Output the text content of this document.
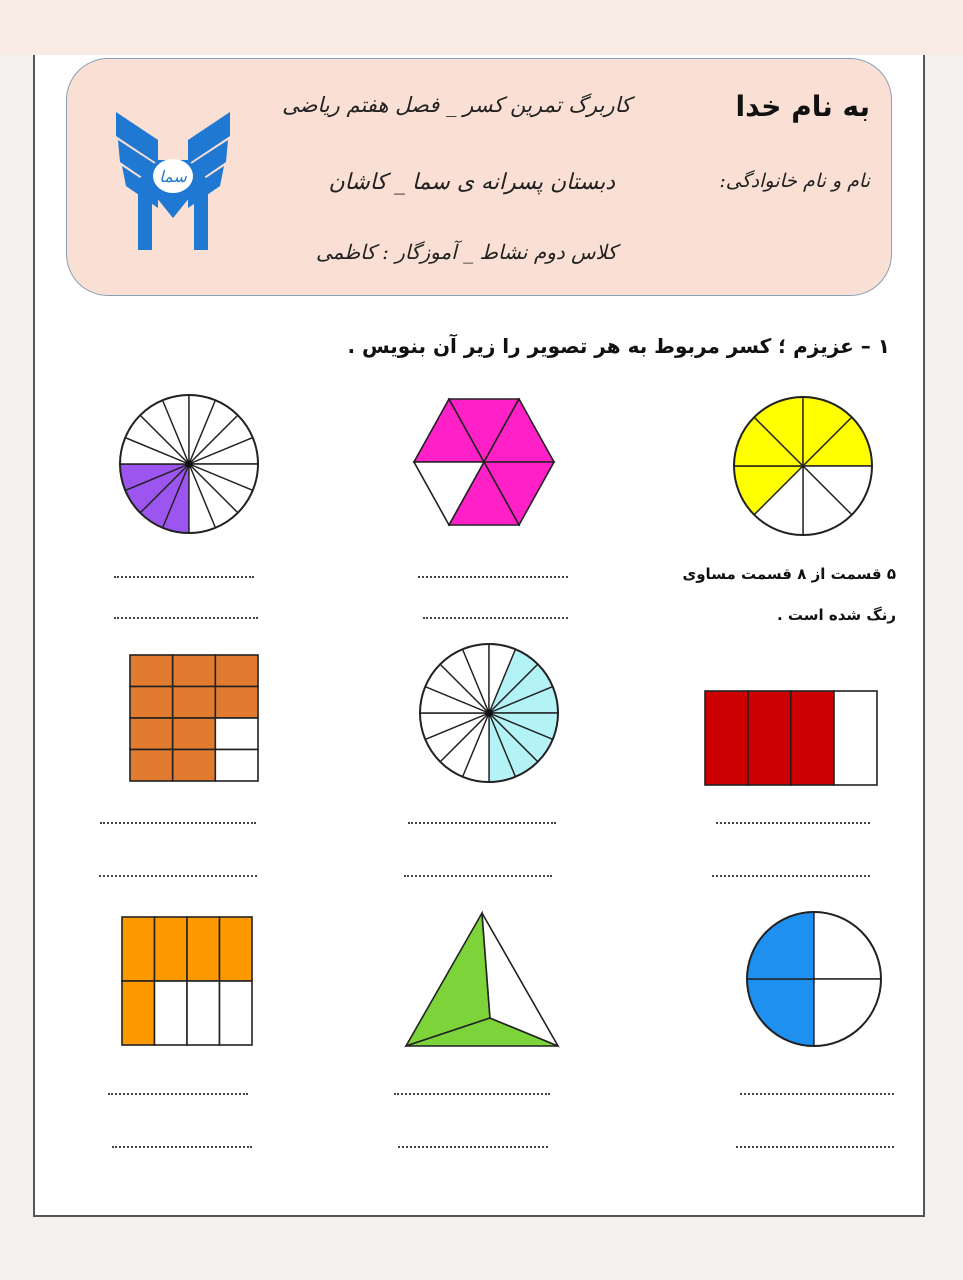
به نام خدا
کاربرگ تمرین کسر _ فصل هفتم ریاضی
نام و نام خانوادگی:
دبستان پسرانه ی سما _ کاشان
کلاس دوم نشاط _ آموزگار : کاظمی
سما
۱ – عزیزم ؛ کسر مربوط به هر تصویر را زیر آن بنویس .
۵ قسمت از ۸ قسمت مساوی
رنگ شده است .
